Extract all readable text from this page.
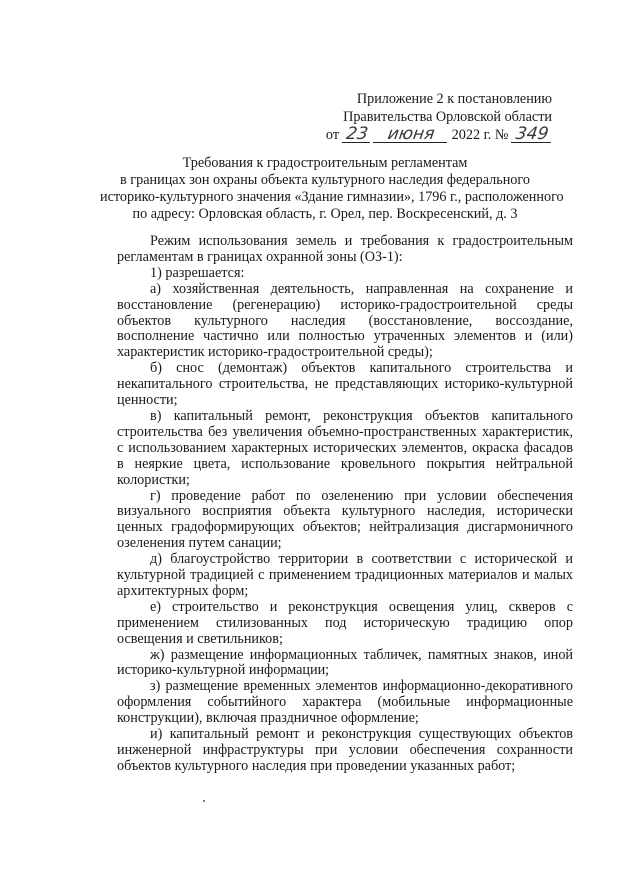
Приложение 2 к постановлению
Правительства Орловской области
от 23 июня 2022 г. № 349
Требования к градостроительным регламентам
в границах зон охраны объекта культурного наследия федерального
историко-культурного значения «Здание гимназии», 1796 г., расположенного
по адресу: Орловская область, г. Орел, пер. Воскресенский, д. 3

Режим использования земель и требования к градостроительным регламентам в границах охранной зоны (ОЗ-1):

1) разрешается:

а) хозяйственная деятельность, направленная на сохранение и восстановление (регенерацию) историко-градостроительной среды объектов культурного наследия (восстановление, воссоздание, восполнение частично или полностью утраченных элементов и (или) характеристик историко-градостроительной среды);

б) снос (демонтаж) объектов капитального строительства и некапитального строительства, не представляющих историко-культурной ценности;

в) капитальный ремонт, реконструкция объектов капитального строительства без увеличения объемно-пространственных характеристик, с использованием характерных исторических элементов, окраска фасадов в неяркие цвета, использование кровельного покрытия нейтральной колористки;

г) проведение работ по озеленению при условии обеспечения визуального восприятия объекта культурного наследия, исторически ценных градоформирующих объектов; нейтрализация дисгармоничного озеленения путем санации;

д) благоустройство территории в соответствии с исторической и культурной традицией с применением традиционных материалов и малых архитектурных форм;

е) строительство и реконструкция освещения улиц, скверов с применением стилизованных под историческую традицию опор освещения и светильников;

ж) размещение информационных табличек, памятных знаков, иной историко-культурной информации;

з) размещение временных элементов информационно-декоративного оформления событийного характера (мобильные информационные конструкции), включая праздничное оформление;

и) капитальный ремонт и реконструкция существующих объектов инженерной инфраструктуры при условии обеспечения сохранности объектов культурного наследия при проведении указанных работ;
